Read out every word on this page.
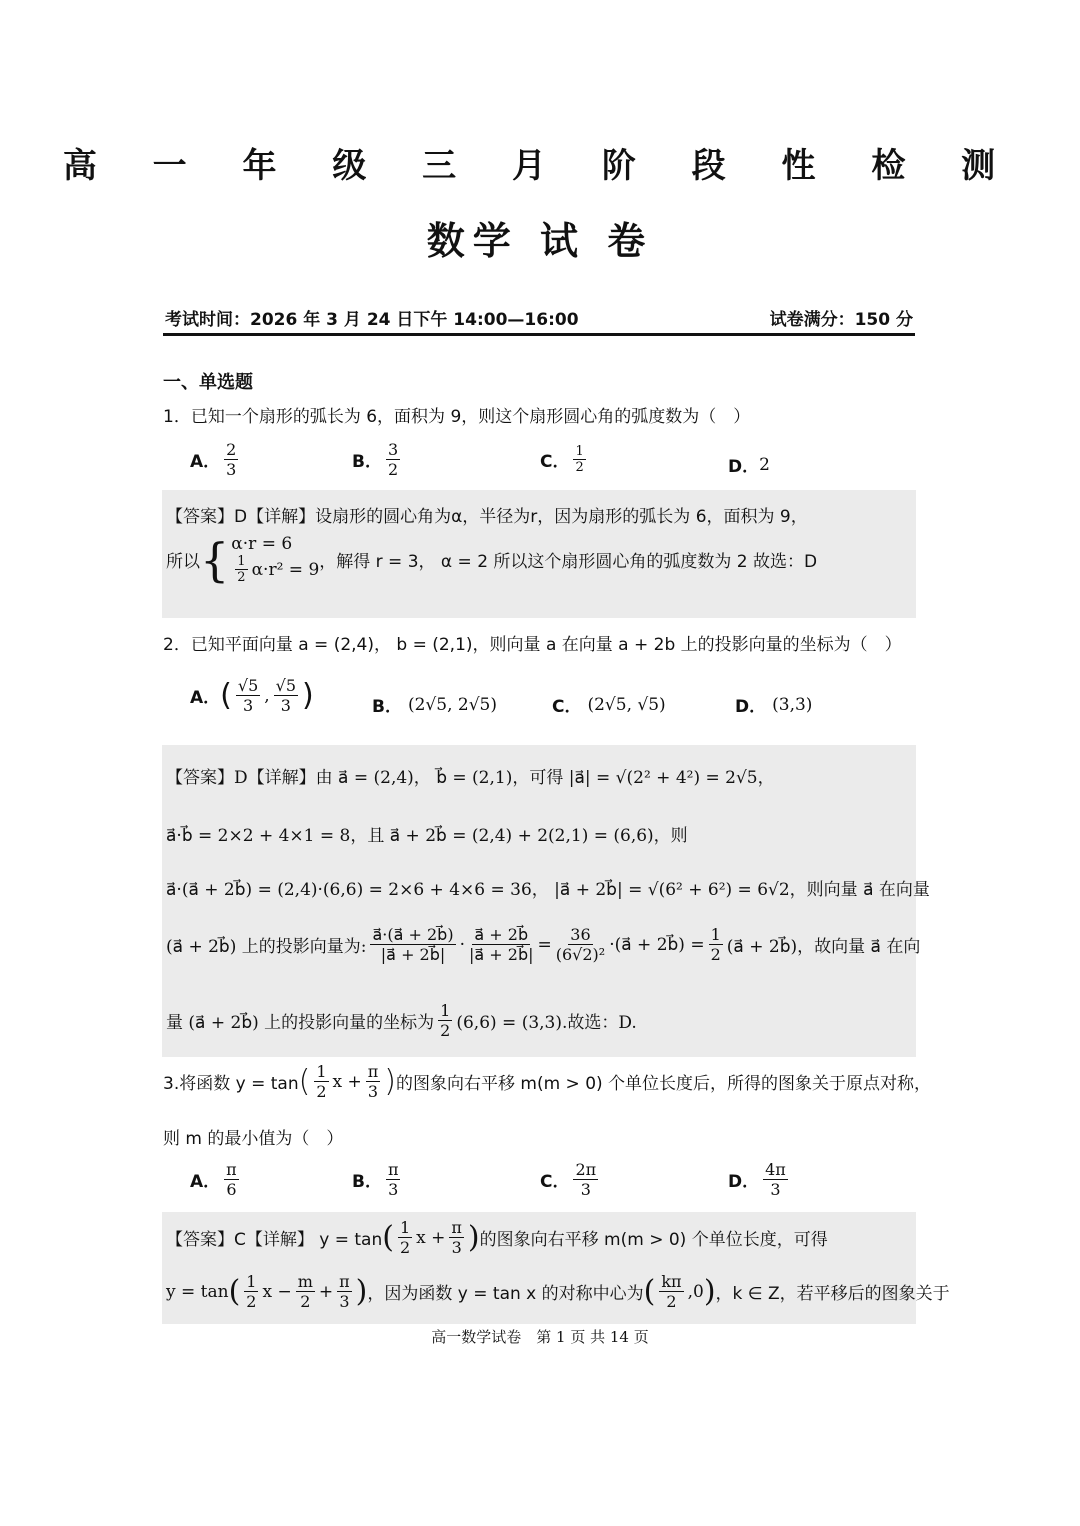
高 一 年 级 三 月 阶 段 性 检 测
数学 试 卷
考试时间：2026 年 3 月 24 日下午 14:00—16:00	试卷满分：150 分
一、单选题
1．已知一个扇形的弧长为 6，面积为 9，则这个扇形圆心角的弧度数为（　）
A． $\frac{2}{3}$	B． $\frac{3}{2}$	C． $\frac{1}{2}$	D． 2
【答案】D【详解】设扇形的圆心角为α，半径为r，因为扇形的弧长为 6，面积为 9，
所以 { α·r = 6
$\frac{1}{2} \alpha\cdot r^2 = 9$ ，解得 r = 3， α = 2 所以这个扇形圆心角的弧度数为 2 故选：D
2．已知平面向量 a = (2,4)， b = (2,1)，则向量 a 在向量 a + 2b 上的投影向量的坐标为（　）
A． ( $\frac{√5}{3}$ , $\frac{√5}{3}$ )	B． (2√5, 2√5)	C． (2√5, √5)	D． (3,3)
【答案】D【详解】由 a⃗ = (2,4)， b⃗ = (2,1)，可得 |a⃗| = √(2² + 4²) = 2√5，
a⃗·b⃗ = 2×2 + 4×1 = 8，且 a⃗ + 2b⃗ = (2,4) + 2(2,1) = (6,6)，则
a⃗·(a⃗ + 2b⃗) = (2,4)·(6,6) = 2×6 + 4×6 = 36， |a⃗ + 2b⃗| = √(6² + 6²) = 6√2，则向量 a⃗ 在向量
(a⃗ + 2b⃗) 上的投影向量为: $\frac{a⃗\cdot(a⃗ + 2b⃗)}{|a⃗ + 2b⃗|} \cdot \frac{a⃗ + 2b⃗}{|a⃗ + 2b⃗|} = \frac{36}{\text{(6√2)²}}$ ·(a⃗ + 2b⃗) = $\frac{1}{2}$ (a⃗ + 2b⃗)，故向量 a⃗ 在向
量 (a⃗ + 2b⃗) 上的投影向量的坐标为 $\frac{1}{2} (6,6) = (3,3)$.故选：D.
3.将函数 y = tan ( $\frac{1}{2}$ $x + \frac{\pi}{3}$ ) 的图象向右平移 m(m > 0) 个单位长度后，所得的图象关于原点对称，
则 m 的最小值为（　）
A． $\frac{\pi}{6}$	B． $\frac{\pi}{3}$	C． $\frac{2\pi}{3}$	D． $\frac{4\pi}{3}$
【答案】C【详解】 y = tan ( $\frac{1}{2}$ $x + \frac{\pi}{3}$ ) 的图象向右平移 m(m > 0) 个单位长度，可得
y = tan ( $\frac{1}{2}$ $x - \frac{m}{2} + \frac{\pi}{3}$ ) ，因为函数 y = tan x 的对称中心为 ( $\frac{k\pi}{2} ,0$ ) ，k ∈ Z，若平移后的图象关于
高一数学试卷　第 1 页 共 14 页
